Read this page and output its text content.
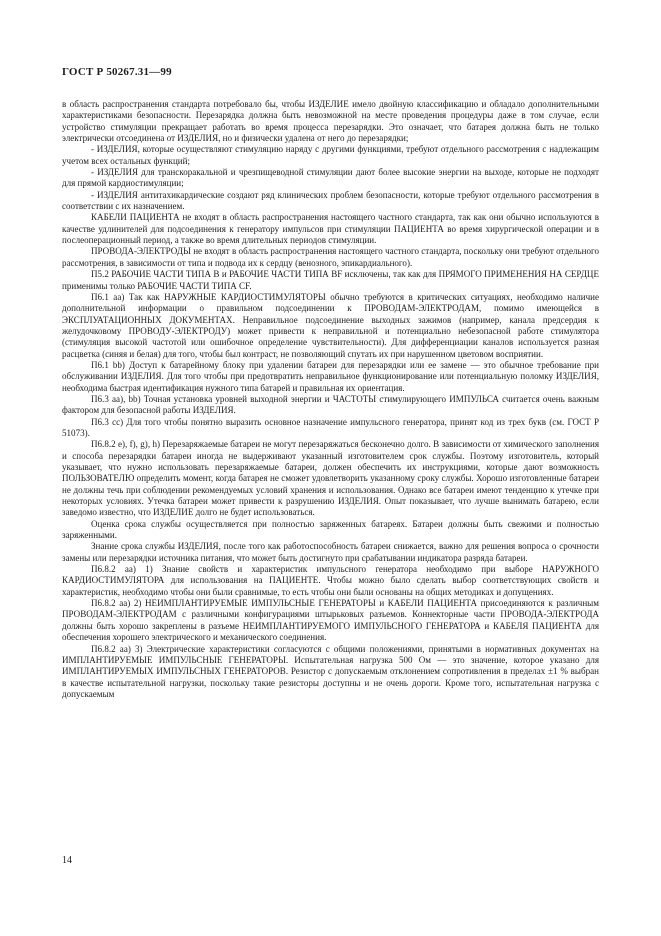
ГОСТ Р 50267.31—99

в область распространения стандарта потребовало бы, чтобы ИЗДЕЛИЕ имело двойную классификацию и обладало дополнительными характеристиками безопасности. Перезарядка должна быть невозможной на месте проведения процедуры даже в том случае, если устройство стимуляции прекращает работать во время процесса перезарядки. Это означает, что батарея должна быть не только электрически отсоединена от ИЗДЕЛИЯ, но и физически удалена от него до перезарядки;

- ИЗДЕЛИЯ, которые осуществляют стимуляцию наряду с другими функциями, требуют отдельного рассмотрения с надлежащим учетом всех остальных функций;

- ИЗДЕЛИЯ для транскоракальной и чрезпищеводной стимуляции дают более высокие энергии на выходе, которые не подходят для прямой кардиостимуляции;

- ИЗДЕЛИЯ антитахикардические создают ряд клинических проблем безопасности, которые требуют отдельного рассмотрения в соответствии с их назначением.

КАБЕЛИ ПАЦИЕНТА не входят в область распространения настоящего частного стандарта, так как они обычно используются в качестве удлинителей для подсоединения к генератору импульсов при стимуляции ПАЦИЕНТА во время хирургической операции и в послеоперационный период, а также во время длительных периодов стимуляции.

ПРОВОДА-ЭЛЕКТРОДЫ не входят в область распространения настоящего частного стандарта, поскольку они требуют отдельного рассмотрения, в зависимости от типа и подвода их к сердцу (венозного, эпикардиального).

П5.2 РАБОЧИЕ ЧАСТИ ТИПА В и РАБОЧИЕ ЧАСТИ ТИПА BF исключены, так как для ПРЯМОГО ПРИМЕНЕНИЯ НА СЕРДЦЕ применимы только РАБОЧИЕ ЧАСТИ ТИПА CF.

П6.1 аа) Так как НАРУЖНЫЕ КАРДИОСТИМУЛЯТОРЫ обычно требуются в критических ситуациях, необходимо наличие дополнительной информации о правильном подсоединении к ПРОВОДАМ-ЭЛЕКТРОДАМ, помимо имеющейся в ЭКСПЛУАТАЦИОННЫХ ДОКУМЕНТАХ. Неправильное подсоединение выходных зажимов (например, канала предсердия к желудочковому ПРОВОДУ-ЭЛЕКТРОДУ) может привести к неправильной и потенциально небезопасной работе стимулятора (стимуляция высокой частотой или ошибочное определение чувствительности). Для дифференциации каналов используется разная расцветка (синяя и белая) для того, чтобы был контраст, не позволяющий спутать их при нарушенном цветовом восприятии.

П6.1 bb) Доступ к батарейному блоку при удалении батареи для перезарядки или ее замене — это обычное требование при обслуживании ИЗДЕЛИЯ. Для того чтобы при предотвратить неправильное функционирование или потенциальную поломку ИЗДЕЛИЯ, необходима быстрая идентификация нужного типа батарей и правильная их ориентация.

П6.3 аа), bb) Точная установка уровней выходной энергии и ЧАСТОТЫ стимулирующего ИМПУЛЬСА считается очень важным фактором для безопасной работы ИЗДЕЛИЯ.

П6.3 сс) Для того чтобы понятно выразить основное назначение импульсного генератора, принят код из трех букв (см. ГОСТ Р 51073).

П6.8.2 е), f), g), h) Перезаряжаемые батареи не могут перезаряжаться бесконечно долго. В зависимости от химического заполнения и способа перезарядки батареи иногда не выдерживают указанный изготовителем срок службы. Поэтому изготовитель, который указывает, что нужно использовать перезаряжаемые батареи, должен обеспечить их инструкциями, которые дают возможность ПОЛЬЗОВАТЕЛЮ определить момент, когда батарея не сможет удовлетворить указанному сроку службы. Хорошо изготовленные батареи не должны течь при соблюдении рекомендуемых условий хранения и использования. Однако все батареи имеют тенденцию к утечке при некоторых условиях. Утечка батареи может привести к разрушению ИЗДЕЛИЯ. Опыт показывает, что лучше вынимать батарею, если заведомо известно, что ИЗДЕЛИЕ долго не будет использоваться.

Оценка срока службы осуществляется при полностью заряженных батареях. Батареи должны быть свежими и полностью заряженными.

Знание срока службы ИЗДЕЛИЯ, после того как работоспособность батареи снижается, важно для решения вопроса о срочности замены или перезарядки источника питания, что может быть достигнуто при срабатывании индикатора разряда батареи.

П6.8.2 аа) 1) Знание свойств и характеристик импульсного генератора необходимо при выборе НАРУЖНОГО КАРДИОСТИМУЛЯТОРА для использования на ПАЦИЕНТЕ. Чтобы можно было сделать выбор соответствующих свойств и характеристик, необходимо чтобы они были сравнимые, то есть чтобы они были основаны на общих методиках и допущениях.

П6.8.2 аа) 2) НЕИМПЛАНТИРУЕМЫЕ ИМПУЛЬСНЫЕ ГЕНЕРАТОРЫ и КАБЕЛИ ПАЦИЕНТА присоединяются к различным ПРОВОДАМ-ЭЛЕКТРОДАМ с различными конфигурациями штырьковых разъемов. Коннекторные части ПРОВОДА-ЭЛЕКТРОДА должны быть хорошо закреплены в разъеме НЕИМПЛАНТИРУЕМОГО ИМПУЛЬСНОГО ГЕНЕРАТОРА и КАБЕЛЯ ПАЦИЕНТА для обеспечения хорошего электрического и механического соединения.

П6.8.2 аа) 3) Электрические характеристики согласуются с общими положениями, принятыми в нормативных документах на ИМПЛАНТИРУЕМЫЕ ИМПУЛЬСНЫЕ ГЕНЕРАТОРЫ. Испытательная нагрузка 500 Ом — это значение, которое указано для ИМПЛАНТИРУЕМЫХ ИМПУЛЬСНЫХ ГЕНЕРАТОРОВ. Резистор с допускаемым отклонением сопротивления в пределах ±1 % выбран в качестве испытательной нагрузки, поскольку такие резисторы доступны и не очень дороги. Кроме того, испытательная нагрузка с допускаемым

14
